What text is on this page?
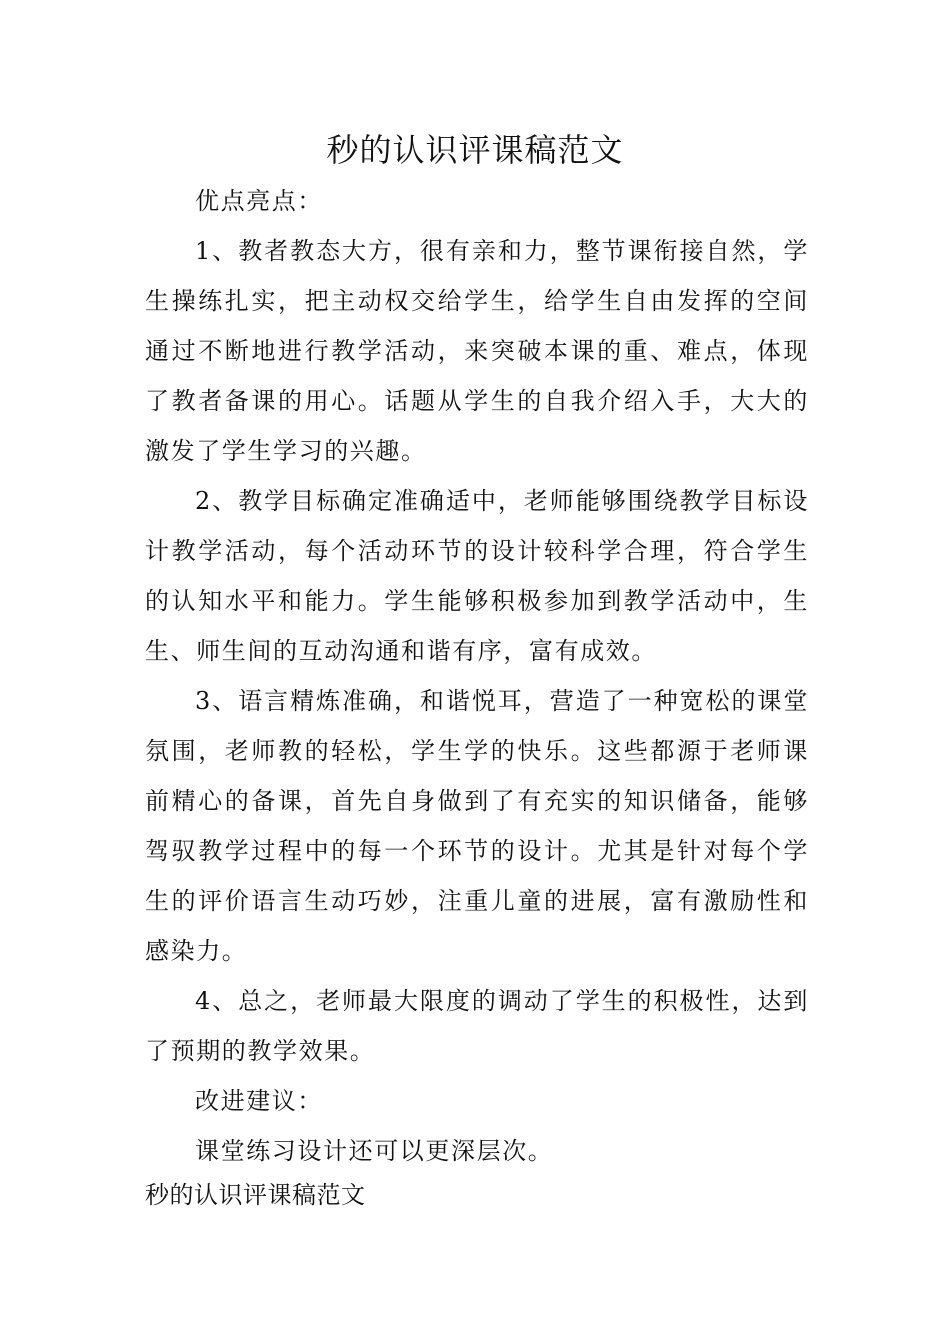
秒的认识评课稿范文

优点亮点：

1、教者教态大方，很有亲和力，整节课衔接自然，学生操练扎实，把主动权交给学生，给学生自由发挥的空间通过不断地进行教学活动，来突破本课的重、难点，体现了教者备课的用心。话题从学生的自我介绍入手，大大的激发了学生学习的兴趣。

2、教学目标确定准确适中，老师能够围绕教学目标设计教学活动，每个活动环节的设计较科学合理，符合学生的认知水平和能力。学生能够积极参加到教学活动中，生生、师生间的互动沟通和谐有序，富有成效。

3、语言精炼准确，和谐悦耳，营造了一种宽松的课堂氛围，老师教的轻松，学生学的快乐。这些都源于老师课前精心的备课，首先自身做到了有充实的知识储备，能够驾驭教学过程中的每一个环节的设计。尤其是针对每个学生的评价语言生动巧妙，注重儿童的进展，富有激励性和感染力。

4、总之，老师最大限度的调动了学生的积极性，达到了预期的教学效果。

改进建议：

课堂练习设计还可以更深层次。

秒的认识评课稿范文
